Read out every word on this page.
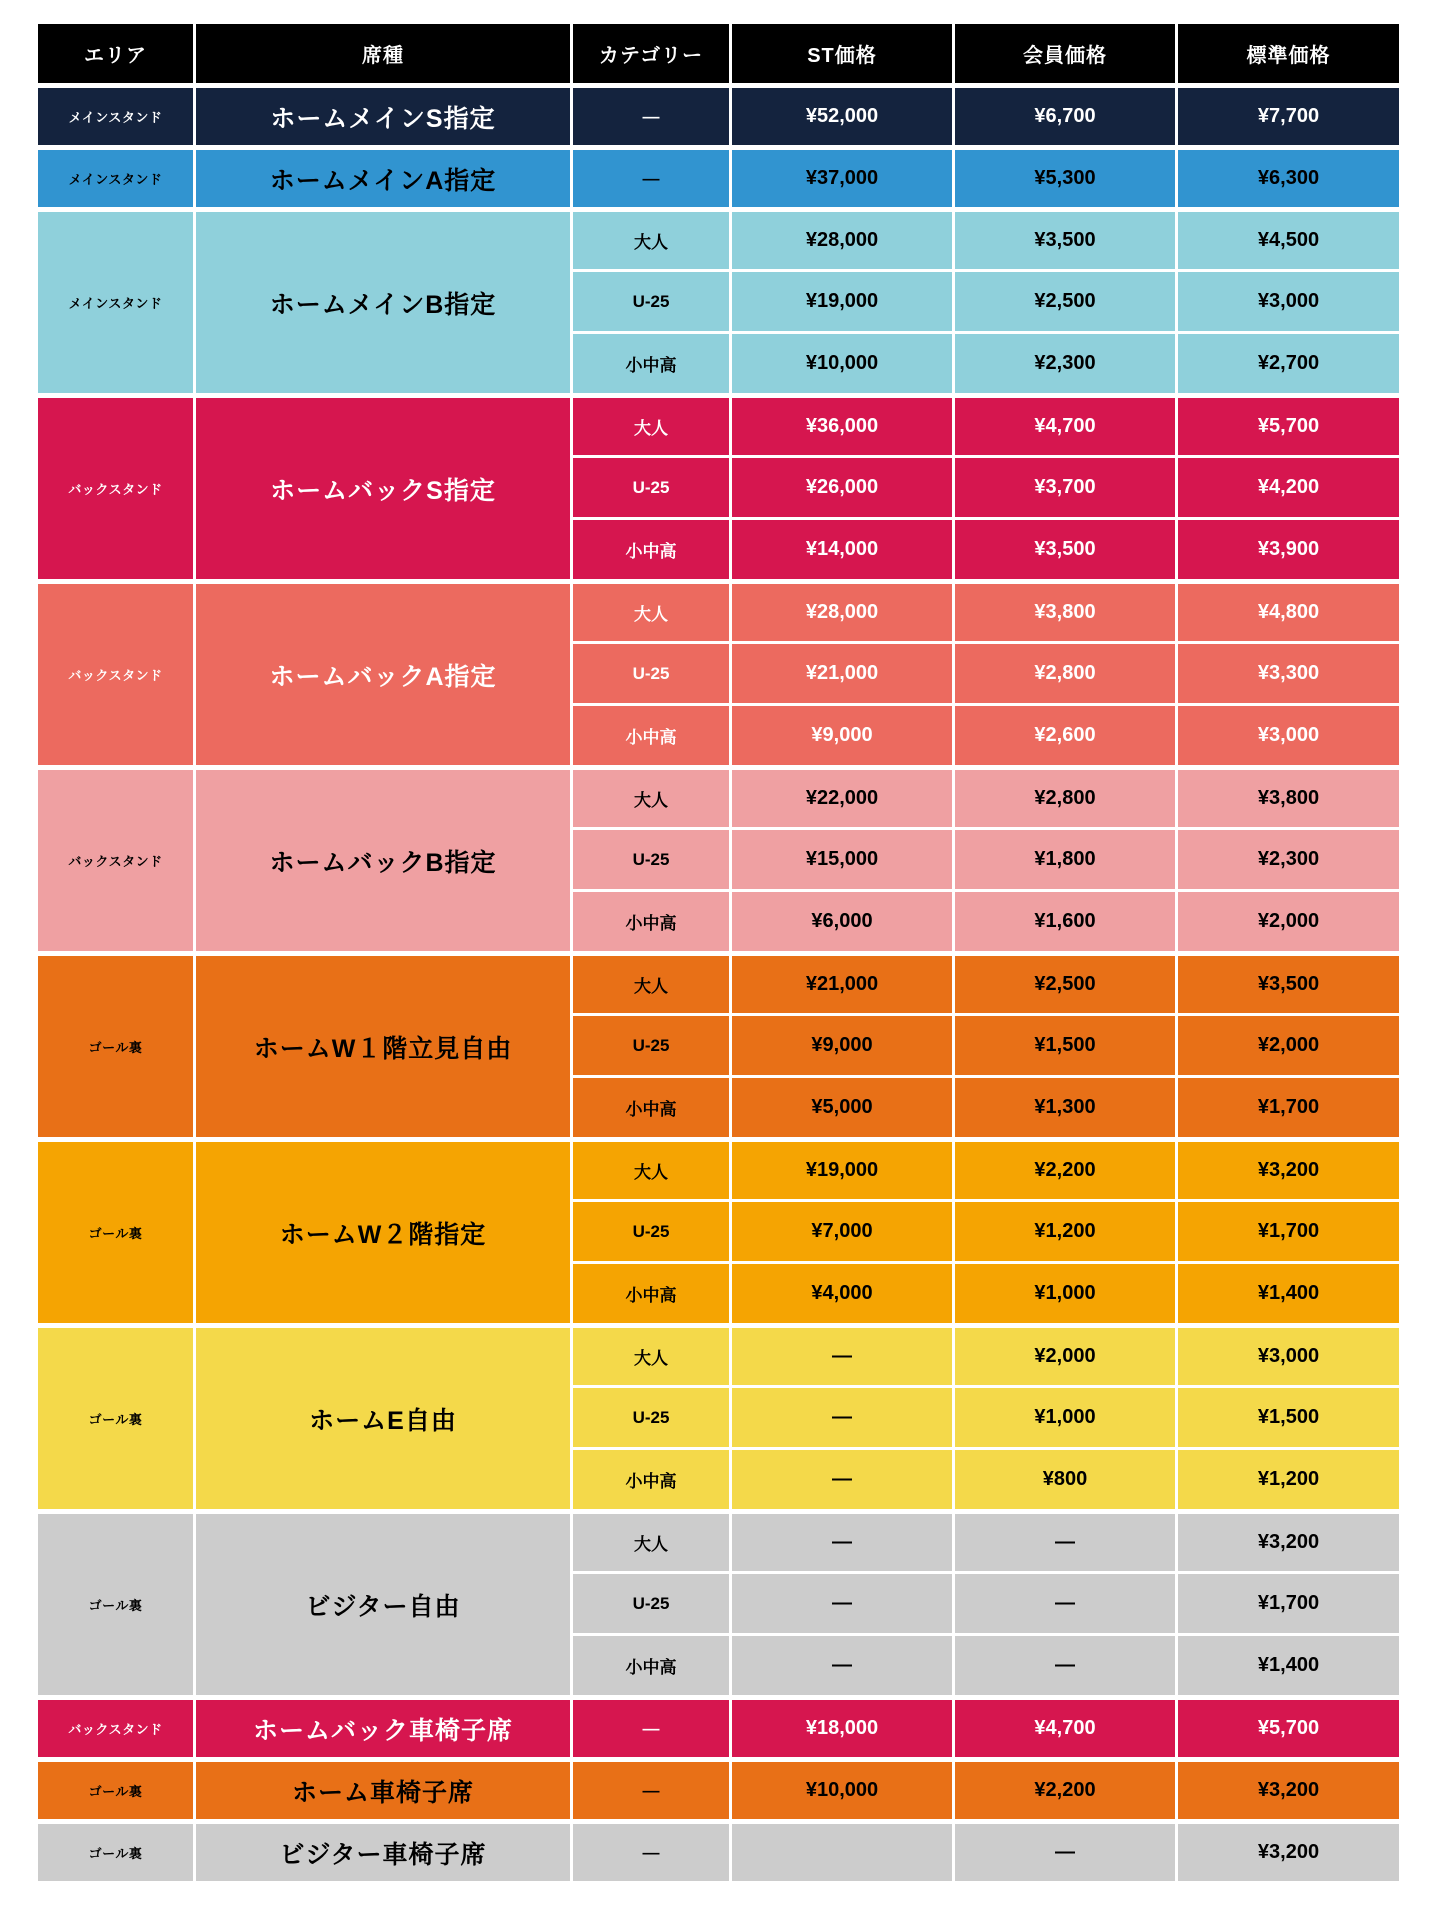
エリア	席種	カテゴリー	ST価格	会員価格	標準価格
メインスタンド	ホームメインS指定	—	¥52,000	¥6,700	¥7,700
メインスタンド	ホームメインA指定	—	¥37,000	¥5,300	¥6,300
メインスタンド	ホームメインB指定	大人	¥28,000	¥3,500	¥4,500
		U-25	¥19,000	¥2,500	¥3,000
		小中高	¥10,000	¥2,300	¥2,700
バックスタンド	ホームバックS指定	大人	¥36,000	¥4,700	¥5,700
		U-25	¥26,000	¥3,700	¥4,200
		小中高	¥14,000	¥3,500	¥3,900
バックスタンド	ホームバックA指定	大人	¥28,000	¥3,800	¥4,800
		U-25	¥21,000	¥2,800	¥3,300
		小中高	¥9,000	¥2,600	¥3,000
バックスタンド	ホームバックB指定	大人	¥22,000	¥2,800	¥3,800
		U-25	¥15,000	¥1,800	¥2,300
		小中高	¥6,000	¥1,600	¥2,000
ゴール裏	ホームW１階立見自由	大人	¥21,000	¥2,500	¥3,500
		U-25	¥9,000	¥1,500	¥2,000
		小中高	¥5,000	¥1,300	¥1,700
ゴール裏	ホームW２階指定	大人	¥19,000	¥2,200	¥3,200
		U-25	¥7,000	¥1,200	¥1,700
		小中高	¥4,000	¥1,000	¥1,400
ゴール裏	ホームE自由	大人	—	¥2,000	¥3,000
		U-25	—	¥1,000	¥1,500
		小中高	—	¥800	¥1,200
ゴール裏	ビジター自由	大人	—	—	¥3,200
		U-25	—	—	¥1,700
		小中高	—	—	¥1,400
バックスタンド	ホームバック車椅子席	—	¥18,000	¥4,700	¥5,700
ゴール裏	ホーム車椅子席	—	¥10,000	¥2,200	¥3,200
ゴール裏	ビジター車椅子席	—		—	¥3,200
